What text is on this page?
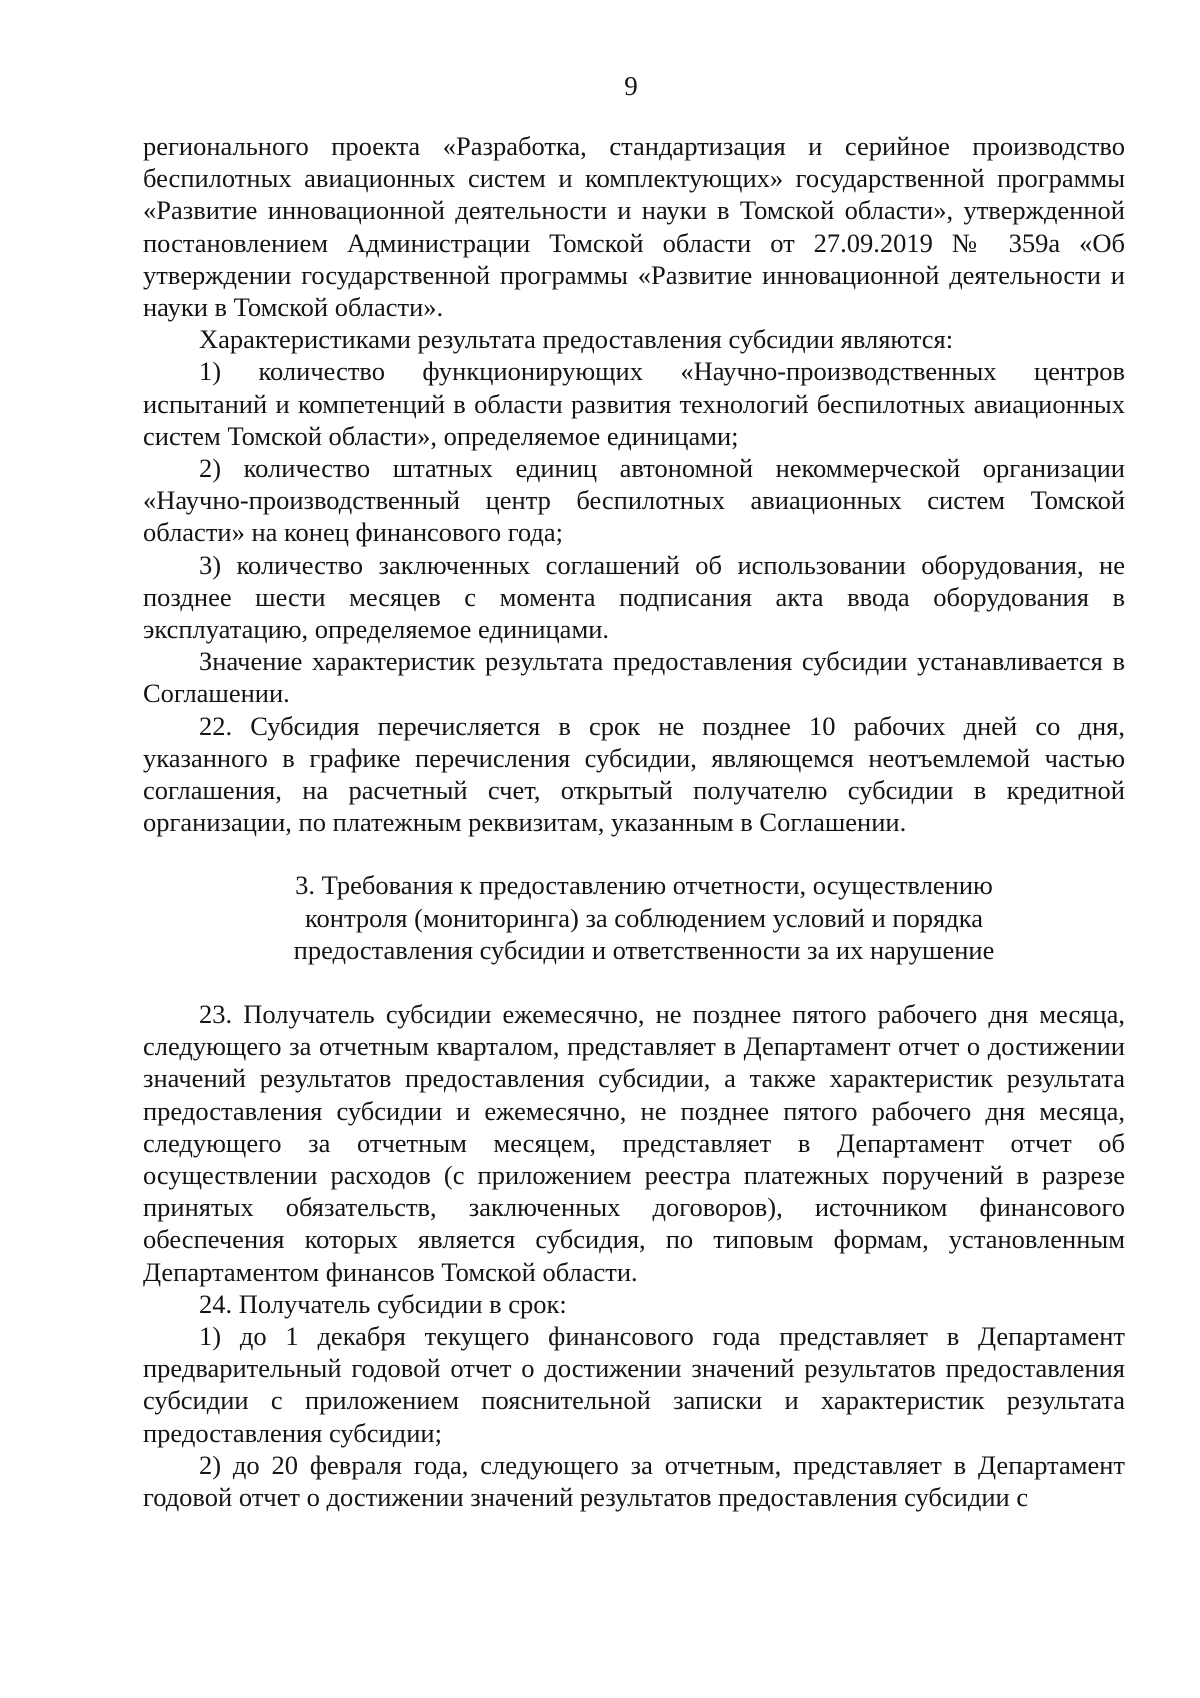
9

регионального проекта «Разработка, стандартизация и серийное производство беспилотных авиационных систем и комплектующих» государственной программы «Развитие инновационной деятельности и науки в Томской области», утвержденной постановлением Администрации Томской области от 27.09.2019 № 359а «Об утверждении государственной программы «Развитие инновационной деятельности и науки в Томской области».

Характеристиками результата предоставления субсидии являются:

1) количество функционирующих «Научно-производственных центров испытаний и компетенций в области развития технологий беспилотных авиационных систем Томской области», определяемое единицами;

2) количество штатных единиц автономной некоммерческой организации «Научно-производственный центр беспилотных авиационных систем Томской области» на конец финансового года;

3) количество заключенных соглашений об использовании оборудования, не позднее шести месяцев с момента подписания акта ввода оборудования в эксплуатацию, определяемое единицами.

Значение характеристик результата предоставления субсидии устанавливается в Соглашении.

22. Субсидия перечисляется в срок не позднее 10 рабочих дней со дня, указанного в графике перечисления субсидии, являющемся неотъемлемой частью соглашения, на расчетный счет, открытый получателю субсидии в кредитной организации, по платежным реквизитам, указанным в Соглашении.

3. Требования к предоставлению отчетности, осуществлению
контроля (мониторинга) за соблюдением условий и порядка
предоставления субсидии и ответственности за их нарушение

23. Получатель субсидии ежемесячно, не позднее пятого рабочего дня месяца, следующего за отчетным кварталом, представляет в Департамент отчет о достижении значений результатов предоставления субсидии, а также характеристик результата предоставления субсидии и ежемесячно, не позднее пятого рабочего дня месяца, следующего за отчетным месяцем, представляет в Департамент отчет об осуществлении расходов (с приложением реестра платежных поручений в разрезе принятых обязательств, заключенных договоров), источником финансового обеспечения которых является субсидия, по типовым формам, установленным Департаментом финансов Томской области.

24. Получатель субсидии в срок:

1) до 1 декабря текущего финансового года представляет в Департамент предварительный годовой отчет о достижении значений результатов предоставления субсидии с приложением пояснительной записки и характеристик результата предоставления субсидии;

2) до 20 февраля года, следующего за отчетным, представляет в Департамент годовой отчет о достижении значений результатов предоставления субсидии с
